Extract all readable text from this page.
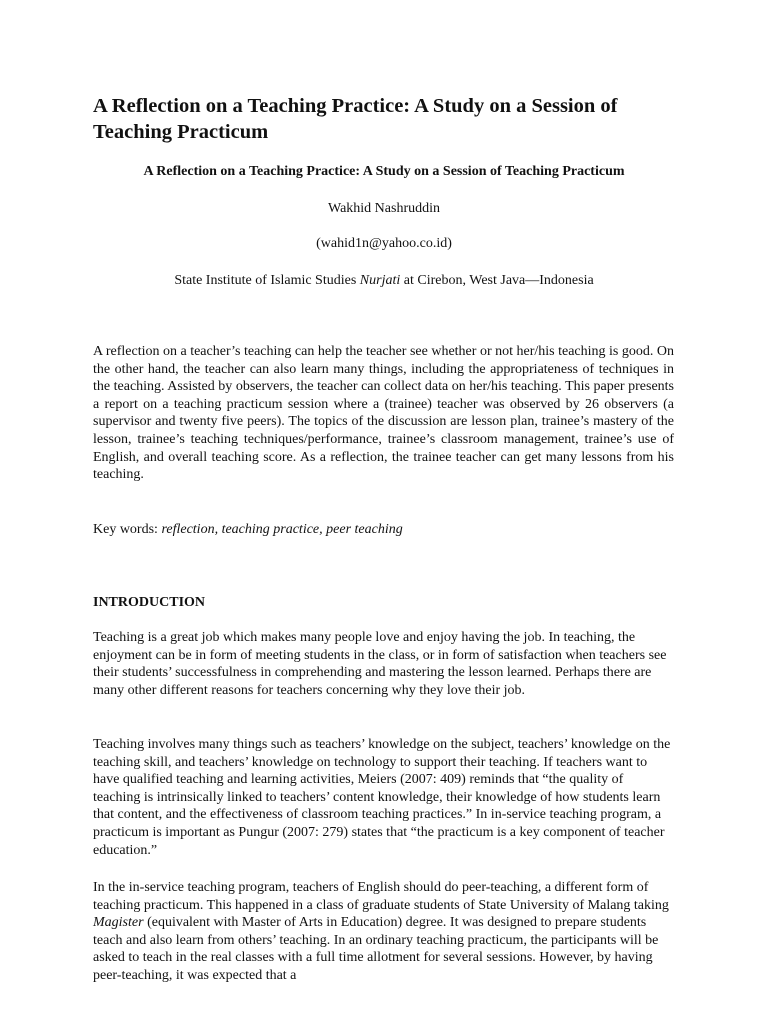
A Reflection on a Teaching Practice: A Study on a Session of Teaching Practicum

A Reflection on a Teaching Practice: A Study on a Session of Teaching Practicum

Wakhid Nashruddin

(wahid1n@yahoo.co.id)

State Institute of Islamic Studies Nurjati at Cirebon, West Java—Indonesia

A reflection on a teacher’s teaching can help the teacher see whether or not her/his teaching is good. On the other hand, the teacher can also learn many things, including the appropriateness of techniques in the teaching. Assisted by observers, the teacher can collect data on her/his teaching. This paper presents a report on a teaching practicum session where a (trainee) teacher was observed by 26 observers (a supervisor and twenty five peers). The topics of the discussion are lesson plan, trainee’s mastery of the lesson, trainee’s teaching techniques/performance, trainee’s classroom management, trainee’s use of English, and overall teaching score. As a reflection, the trainee teacher can get many lessons from his teaching.

Key words: reflection, teaching practice, peer teaching

INTRODUCTION

Teaching is a great job which makes many people love and enjoy having the job. In teaching, the enjoyment can be in form of meeting students in the class, or in form of satisfaction when teachers see their students’ successfulness in comprehending and mastering the lesson learned. Perhaps there are many other different reasons for teachers concerning why they love their job.

Teaching involves many things such as teachers’ knowledge on the subject, teachers’ knowledge on the teaching skill, and teachers’ knowledge on technology to support their teaching. If teachers want to have qualified teaching and learning activities, Meiers (2007: 409) reminds that “the quality of teaching is intrinsically linked to teachers’ content knowledge, their knowledge of how students learn that content, and the effectiveness of classroom teaching practices.” In in-service teaching program, a practicum is important as Pungur (2007: 279) states that “the practicum is a key component of teacher education.”

In the in-service teaching program, teachers of English should do peer-teaching, a different form of teaching practicum. This happened in a class of graduate students of State University of Malang taking Magister (equivalent with Master of Arts in Education) degree. It was designed to prepare students teach and also learn from others’ teaching. In an ordinary teaching practicum, the participants will be asked to teach in the real classes with a full time allotment for several sessions. However, by having peer-teaching, it was expected that a
